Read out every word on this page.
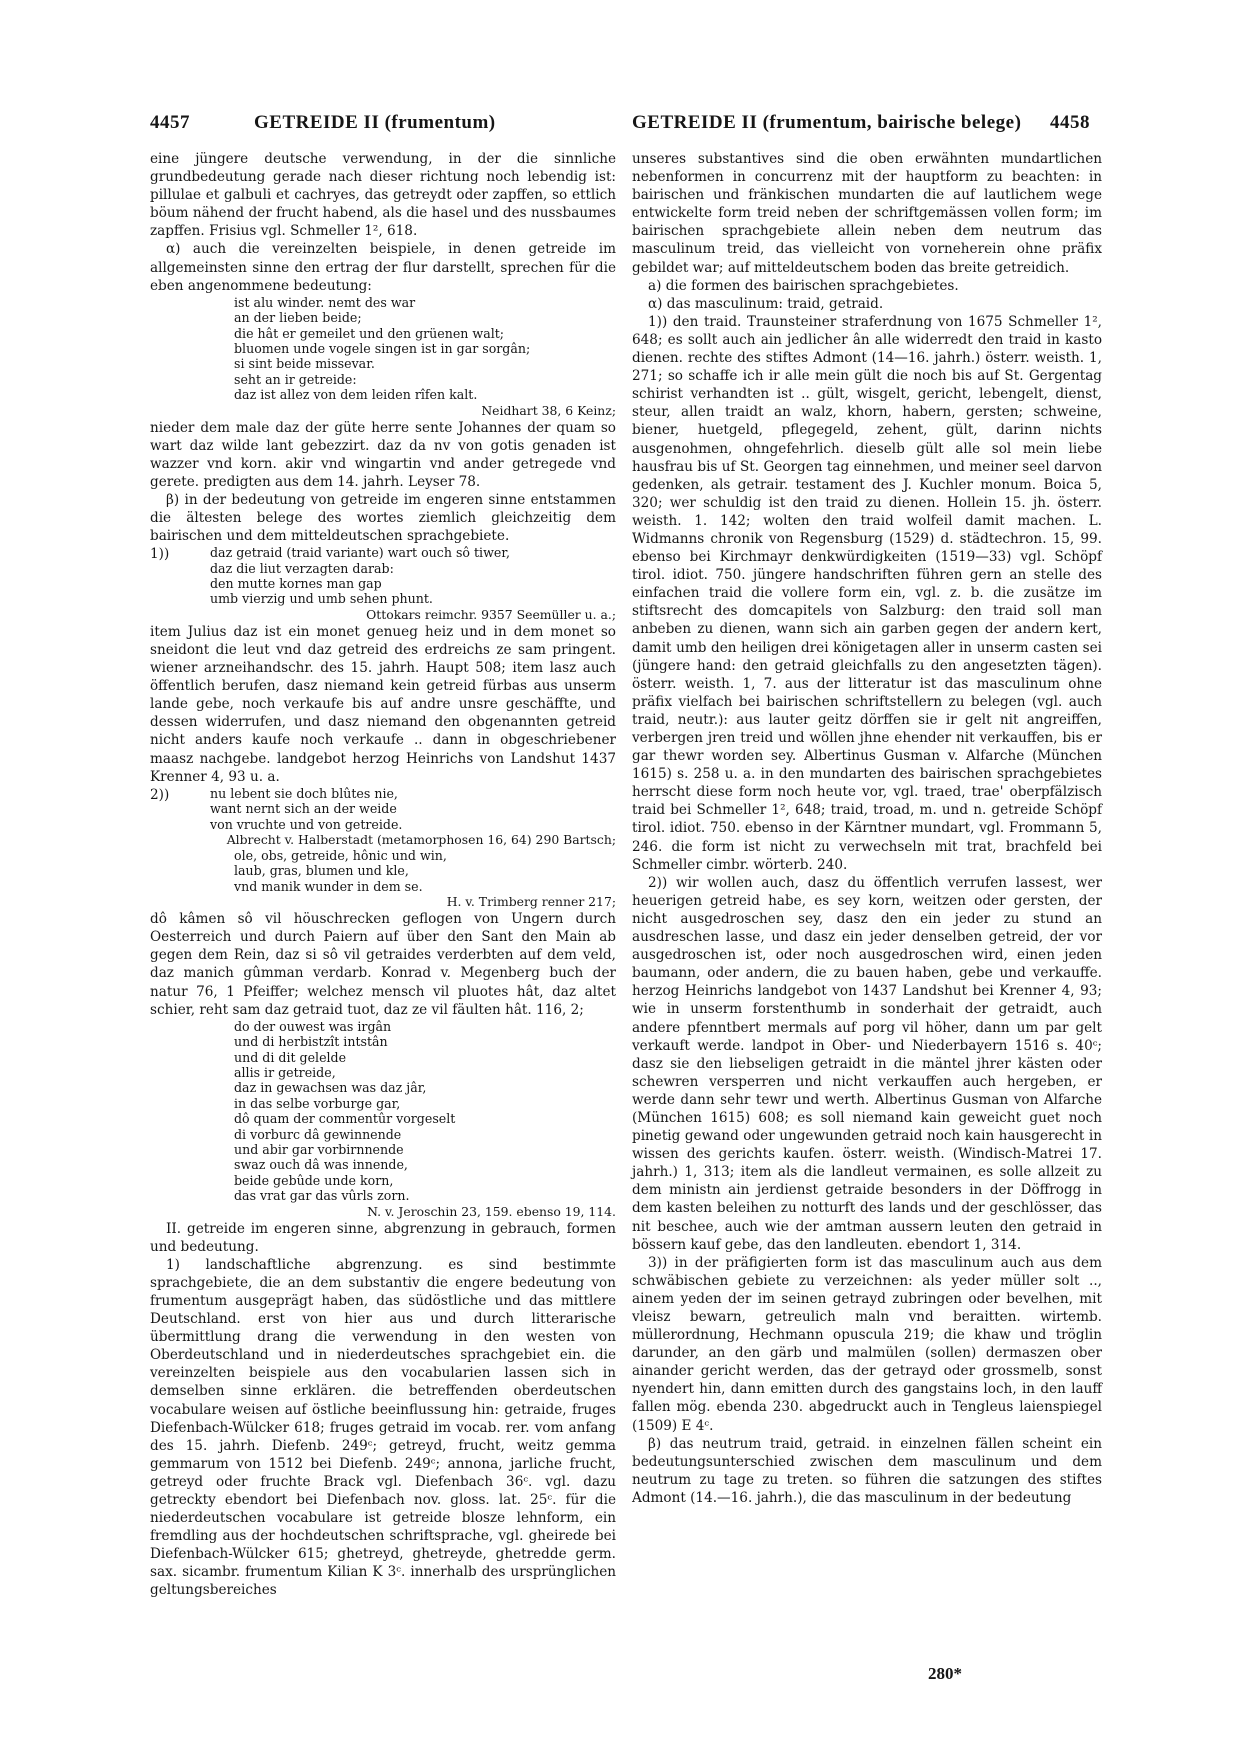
4457	GETREIDE II (frumentum)	GETREIDE II (frumentum, bairische belege) 4458

eine jüngere deutsche verwendung, in der die sinnliche grundbedeutung gerade nach dieser richtung noch lebendig ist: pillulae et galbuli et cachryes, das getreydt oder zapffen, so ettlich böum nähend der frucht habend, als die hasel und des nussbaumes zapffen. Frisius vgl. Schmeller 1², 618.

α) auch die vereinzelten beispiele, in denen getreide im allgemeinsten sinne den ertrag der flur darstellt, sprechen für die eben angenommene bedeutung:

ist alu winder. nemt des war
an der lieben beide;
die hât er gemeilet und den grüenen walt;
bluomen unde vogele singen ist in gar sorgân;
si sint beide missevar.
seht an ir getreide:
daz ist allez von dem leiden rîfen kalt.

Neidhart 38, 6 Keinz;

nieder dem male daz der güte herre sente Johannes der quam so wart daz wilde lant gebezzirt. daz da nv von gotis genaden ist wazzer vnd korn. akir vnd wingartin vnd ander getregede vnd gerete. predigten aus dem 14. jahrh. Leyser 78.

β) in der bedeutung von getreide im engeren sinne entstammen die ältesten belege des wortes ziemlich gleichzeitig dem bairischen und dem mitteldeutschen sprachgebiete.

1))	daz getraid (traid variante) wart ouch sô tiwer,
daz die liut verzagten darab:
den mutte kornes man gap
umb vierzig und umb sehen phunt.

Ottokars reimchr. 9357 Seemüller u. a.;

item Julius daz ist ein monet genueg heiz und in dem monet so sneidont die leut vnd daz getreid des erdreichs ze sam pringent. wiener arzneihandschr. des 15. jahrh. Haupt 508; item lasz auch öffentlich berufen, dasz niemand kein getreid fürbas aus unserm lande gebe, noch verkaufe bis auf andre unsre geschäffte, und dessen widerrufen, und dasz niemand den obgenannten getreid nicht anders kaufe noch verkaufe .. dann in obgeschriebener maasz nachgebe. landgebot herzog Heinrichs von Landshut 1437 Krenner 4, 93 u. a.

2))	nu lebent sie doch blûtes nie,
want nernt sich an der weide
von vruchte und von getreide.

Albrecht v. Halberstadt (metamorphosen 16, 64) 290 Bartsch;

ole, obs, getreide, hônic und win,
laub, gras, blumen und kle,
vnd manik wunder in dem se.

H. v. Trimberg renner 217;

dô kâmen sô vil höuschrecken geflogen von Ungern durch Oesterreich und durch Paiern auf über den Sant den Main ab gegen dem Rein, daz si sô vil getraides verderbten auf dem veld, daz manich gûmman verdarb. Konrad v. Megenberg buch der natur 76, 1 Pfeiffer; welchez mensch vil pluotes hât, daz altet schier, reht sam daz getraid tuot, daz ze vil fäulten hât. 116, 2;

do der ouwest was irgân
und di herbistzît intstân
und di dit gelelde
allis ir getreide,
daz in gewachsen was daz jâr,
in das selbe vorburge gar,
dô quam der commentûr vorgeselt
di vorburc dâ gewinnende
und abir gar vorbirnnende
swaz ouch dâ was innende,
beide gebûde unde korn,
das vrat gar das vûrls zorn.

N. v. Jeroschin 23, 159. ebenso 19, 114.

II. getreide im engeren sinne, abgrenzung in gebrauch, formen und bedeutung.

1) landschaftliche abgrenzung. es sind bestimmte sprachgebiete, die an dem substantiv die engere bedeutung von frumentum ausgeprägt haben, das südöstliche und das mittlere Deutschland. erst von hier aus und durch litterarische übermittlung drang die verwendung in den westen von Oberdeutschland und in niederdeutsches sprachgebiet ein. die vereinzelten beispiele aus den vocabularien lassen sich in demselben sinne erklären. die betreffenden oberdeutschen vocabulare weisen auf östliche beeinflussung hin: getraide, fruges Diefenbach-Wülcker 618; fruges getraid im vocab. rer. vom anfang des 15. jahrh. Diefenb. 249ᶜ; getreyd, frucht, weitz gemma gemmarum von 1512 bei Diefenb. 249ᶜ; annona, jarliche frucht, getreyd oder fruchte Brack vgl. Diefenbach 36ᶜ. vgl. dazu getreckty ebendort bei Diefenbach nov. gloss. lat. 25ᶜ. für die niederdeutschen vocabulare ist getreide blosze lehnform, ein fremdling aus der hochdeutschen schriftsprache, vgl. gheirede bei Diefenbach-Wülcker 615; ghetreyd, ghetreyde, ghetredde germ. sax. sicambr. frumentum Kilian K 3ᶜ. innerhalb des ursprünglichen geltungsbereiches

unseres substantives sind die oben erwähnten mundartlichen nebenformen in concurrenz mit der hauptform zu beachten: in bairischen und fränkischen mundarten die auf lautlichem wege entwickelte form treid neben der schriftgemässen vollen form; im bairischen sprachgebiete allein neben dem neutrum das masculinum treid, das vielleicht von vorneherein ohne präfix gebildet war; auf mitteldeutschem boden das breite getreidich.

a) die formen des bairischen sprachgebietes.

α) das masculinum: traid, getraid.

1)) den traid. Traunsteiner straferdnung von 1675 Schmeller 1², 648; es sollt auch ain jedlicher ân alle widerredt den traid in kasto dienen. rechte des stiftes Admont (14—16. jahrh.) österr. weisth. 1, 271; so schaffe ich ir alle mein gült die noch bis auf St. Gergentag schirist verhandten ist .. gült, wisgelt, gericht, lebengelt, dienst, steur, allen traidt an walz, khorn, habern, gersten; schweine, biener, huetgeld, pflegegeld, zehent, gült, darinn nichts ausgenohmen, ohngefehrlich. dieselb gült alle sol mein liebe hausfrau bis uf St. Georgen tag einnehmen, und meiner seel darvon gedenken, als getrair. testament des J. Kuchler monum. Boica 5, 320; wer schuldig ist den traid zu dienen. Hollein 15. jh. österr. weisth. 1. 142; wolten den traid wolfeil damit machen. L. Widmanns chronik von Regensburg (1529) d. städtechron. 15, 99. ebenso bei Kirchmayr denkwürdigkeiten (1519—33) vgl. Schöpf tirol. idiot. 750. jüngere handschriften führen gern an stelle des einfachen traid die vollere form ein, vgl. z. b. die zusätze im stiftsrecht des domcapitels von Salzburg: den traid soll man anbeben zu dienen, wann sich ain garben gegen der andern kert, damit umb den heiligen drei königetagen aller in unserm casten sei (jüngere hand: den getraid gleichfalls zu den angesetzten tägen). österr. weisth. 1, 7. aus der litteratur ist das masculinum ohne präfix vielfach bei bairischen schriftstellern zu belegen (vgl. auch traid, neutr.): aus lauter geitz dörffen sie ir gelt nit angreiffen, verbergen jren treid und wöllen jhne ehender nit verkauffen, bis er gar thewr worden sey. Albertinus Gusman v. Alfarche (München 1615) s. 258 u. a. in den mundarten des bairischen sprachgebietes herrscht diese form noch heute vor, vgl. traed, trae' oberpfälzisch traid bei Schmeller 1², 648; traid, troad, m. und n. getreide Schöpf tirol. idiot. 750. ebenso in der Kärntner mundart, vgl. Frommann 5, 246. die form ist nicht zu verwechseln mit trat, brachfeld bei Schmeller cimbr. wörterb. 240.

2)) wir wollen auch, dasz du öffentlich verrufen lassest, wer heuerigen getreid habe, es sey korn, weitzen oder gersten, der nicht ausgedroschen sey, dasz den ein jeder zu stund an ausdreschen lasse, und dasz ein jeder denselben getreid, der vor ausgedroschen ist, oder noch ausgedroschen wird, einen jeden baumann, oder andern, die zu bauen haben, gebe und verkauffe. herzog Heinrichs landgebot von 1437 Landshut bei Krenner 4, 93; wie in unserm forstenthumb in sonderhait der getraidt, auch andere pfenntbert mermals auf porg vil höher, dann um par gelt verkauft werde. landpot in Ober- und Niederbayern 1516 s. 40ᶜ; dasz sie den liebseligen getraidt in die mäntel jhrer kästen oder schewren versperren und nicht verkauffen auch hergeben, er werde dann sehr tewr und werth. Albertinus Gusman von Alfarche (München 1615) 608; es soll niemand kain geweicht guet noch pinetig gewand oder ungewunden getraid noch kain hausgerecht in wissen des gerichts kaufen. österr. weisth. (Windisch-Matrei 17. jahrh.) 1, 313; item als die landleut vermainen, es solle allzeit zu dem ministn ain jerdienst getraide besonders in der Döffrogg in dem kasten beleihen zu notturft des lands und der geschlösser, das nit beschee, auch wie der amtman aussern leuten den getraid in bössern kauf gebe, das den landleuten. ebendort 1, 314.

3)) in der präfigierten form ist das masculinum auch aus dem schwäbischen gebiete zu verzeichnen: als yeder müller solt .., ainem yeden der im seinen getrayd zubringen oder bevelhen, mit vleisz bewarn, getreulich maln vnd beraitten. wirtemb. müllerordnung, Hechmann opuscula 219; die khaw und tröglin darunder, an den gärb und malmülen (sollen) dermaszen ober ainander gericht werden, das der getrayd oder grossmelb, sonst nyendert hin, dann emitten durch des gangstains loch, in den lauff fallen mög. ebenda 230. abgedruckt auch in Tengleus laienspiegel (1509) E 4ᶜ.

β) das neutrum traid, getraid. in einzelnen fällen scheint ein bedeutungsunterschied zwischen dem masculinum und dem neutrum zu tage zu treten. so führen die satzungen des stiftes Admont (14.—16. jahrh.), die das masculinum in der bedeutung

280*
